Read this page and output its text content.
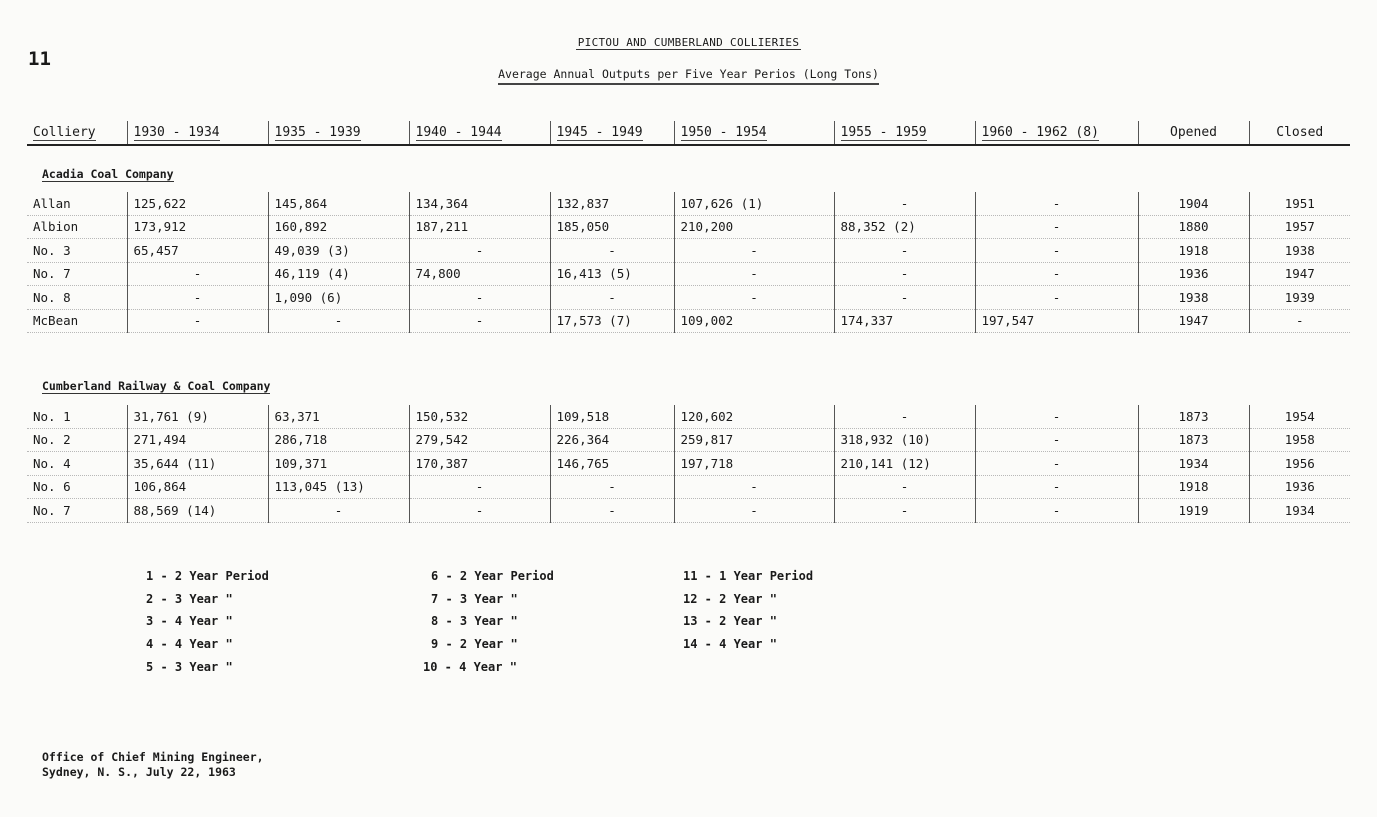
11
PICTOU AND CUMBERLAND COLLIERIES
Average Annual Outputs per Five Year Perios (Long Tons)
Colliery	1930 - 1934	1935 - 1939	1940 - 1944	1945 - 1949	1950 - 1954	1955 - 1959	1960 - 1962 (8)	Opened	Closed
Acadia Coal Company
Allan	125,622	145,864	134,364	132,837	107,626 (1)	-	-	1904	1951
Albion	173,912	160,892	187,211	185,050	210,200	88,352 (2)	-	1880	1957
No. 3	65,457	49,039 (3)	-	-	-	-	-	1918	1938
No. 7	-	46,119 (4)	74,800	16,413 (5)	-	-	-	1936	1947
No. 8	-	1,090 (6)	-	-	-	-	-	1938	1939
McBean	-	-	-	17,573 (7)	109,002	174,337	197,547	1947	-
Cumberland Railway & Coal Company
No. 1	31,761 (9)	63,371	150,532	109,518	120,602	-	-	1873	1954
No. 2	271,494	286,718	279,542	226,364	259,817	318,932 (10)	-	1873	1958
No. 4	35,644 (11)	109,371	170,387	146,765	197,718	210,141 (12)	-	1934	1956
No. 6	106,864	113,045 (13)	-	-	-	-	-	1918	1936
No. 7	88,569 (14)	-	-	-	-	-	-	1919	1934
1 - 2 Year Period
2 - 3 Year "
3 - 4 Year "
4 - 4 Year "
5 - 3 Year "
6 - 2 Year Period
7 - 3 Year "
8 - 3 Year "
9 - 2 Year "
10 - 4 Year "
11 - 1 Year Period
12 - 2 Year "
13 - 2 Year "
14 - 4 Year "
Office of Chief Mining Engineer,
Sydney, N. S., July 22, 1963
